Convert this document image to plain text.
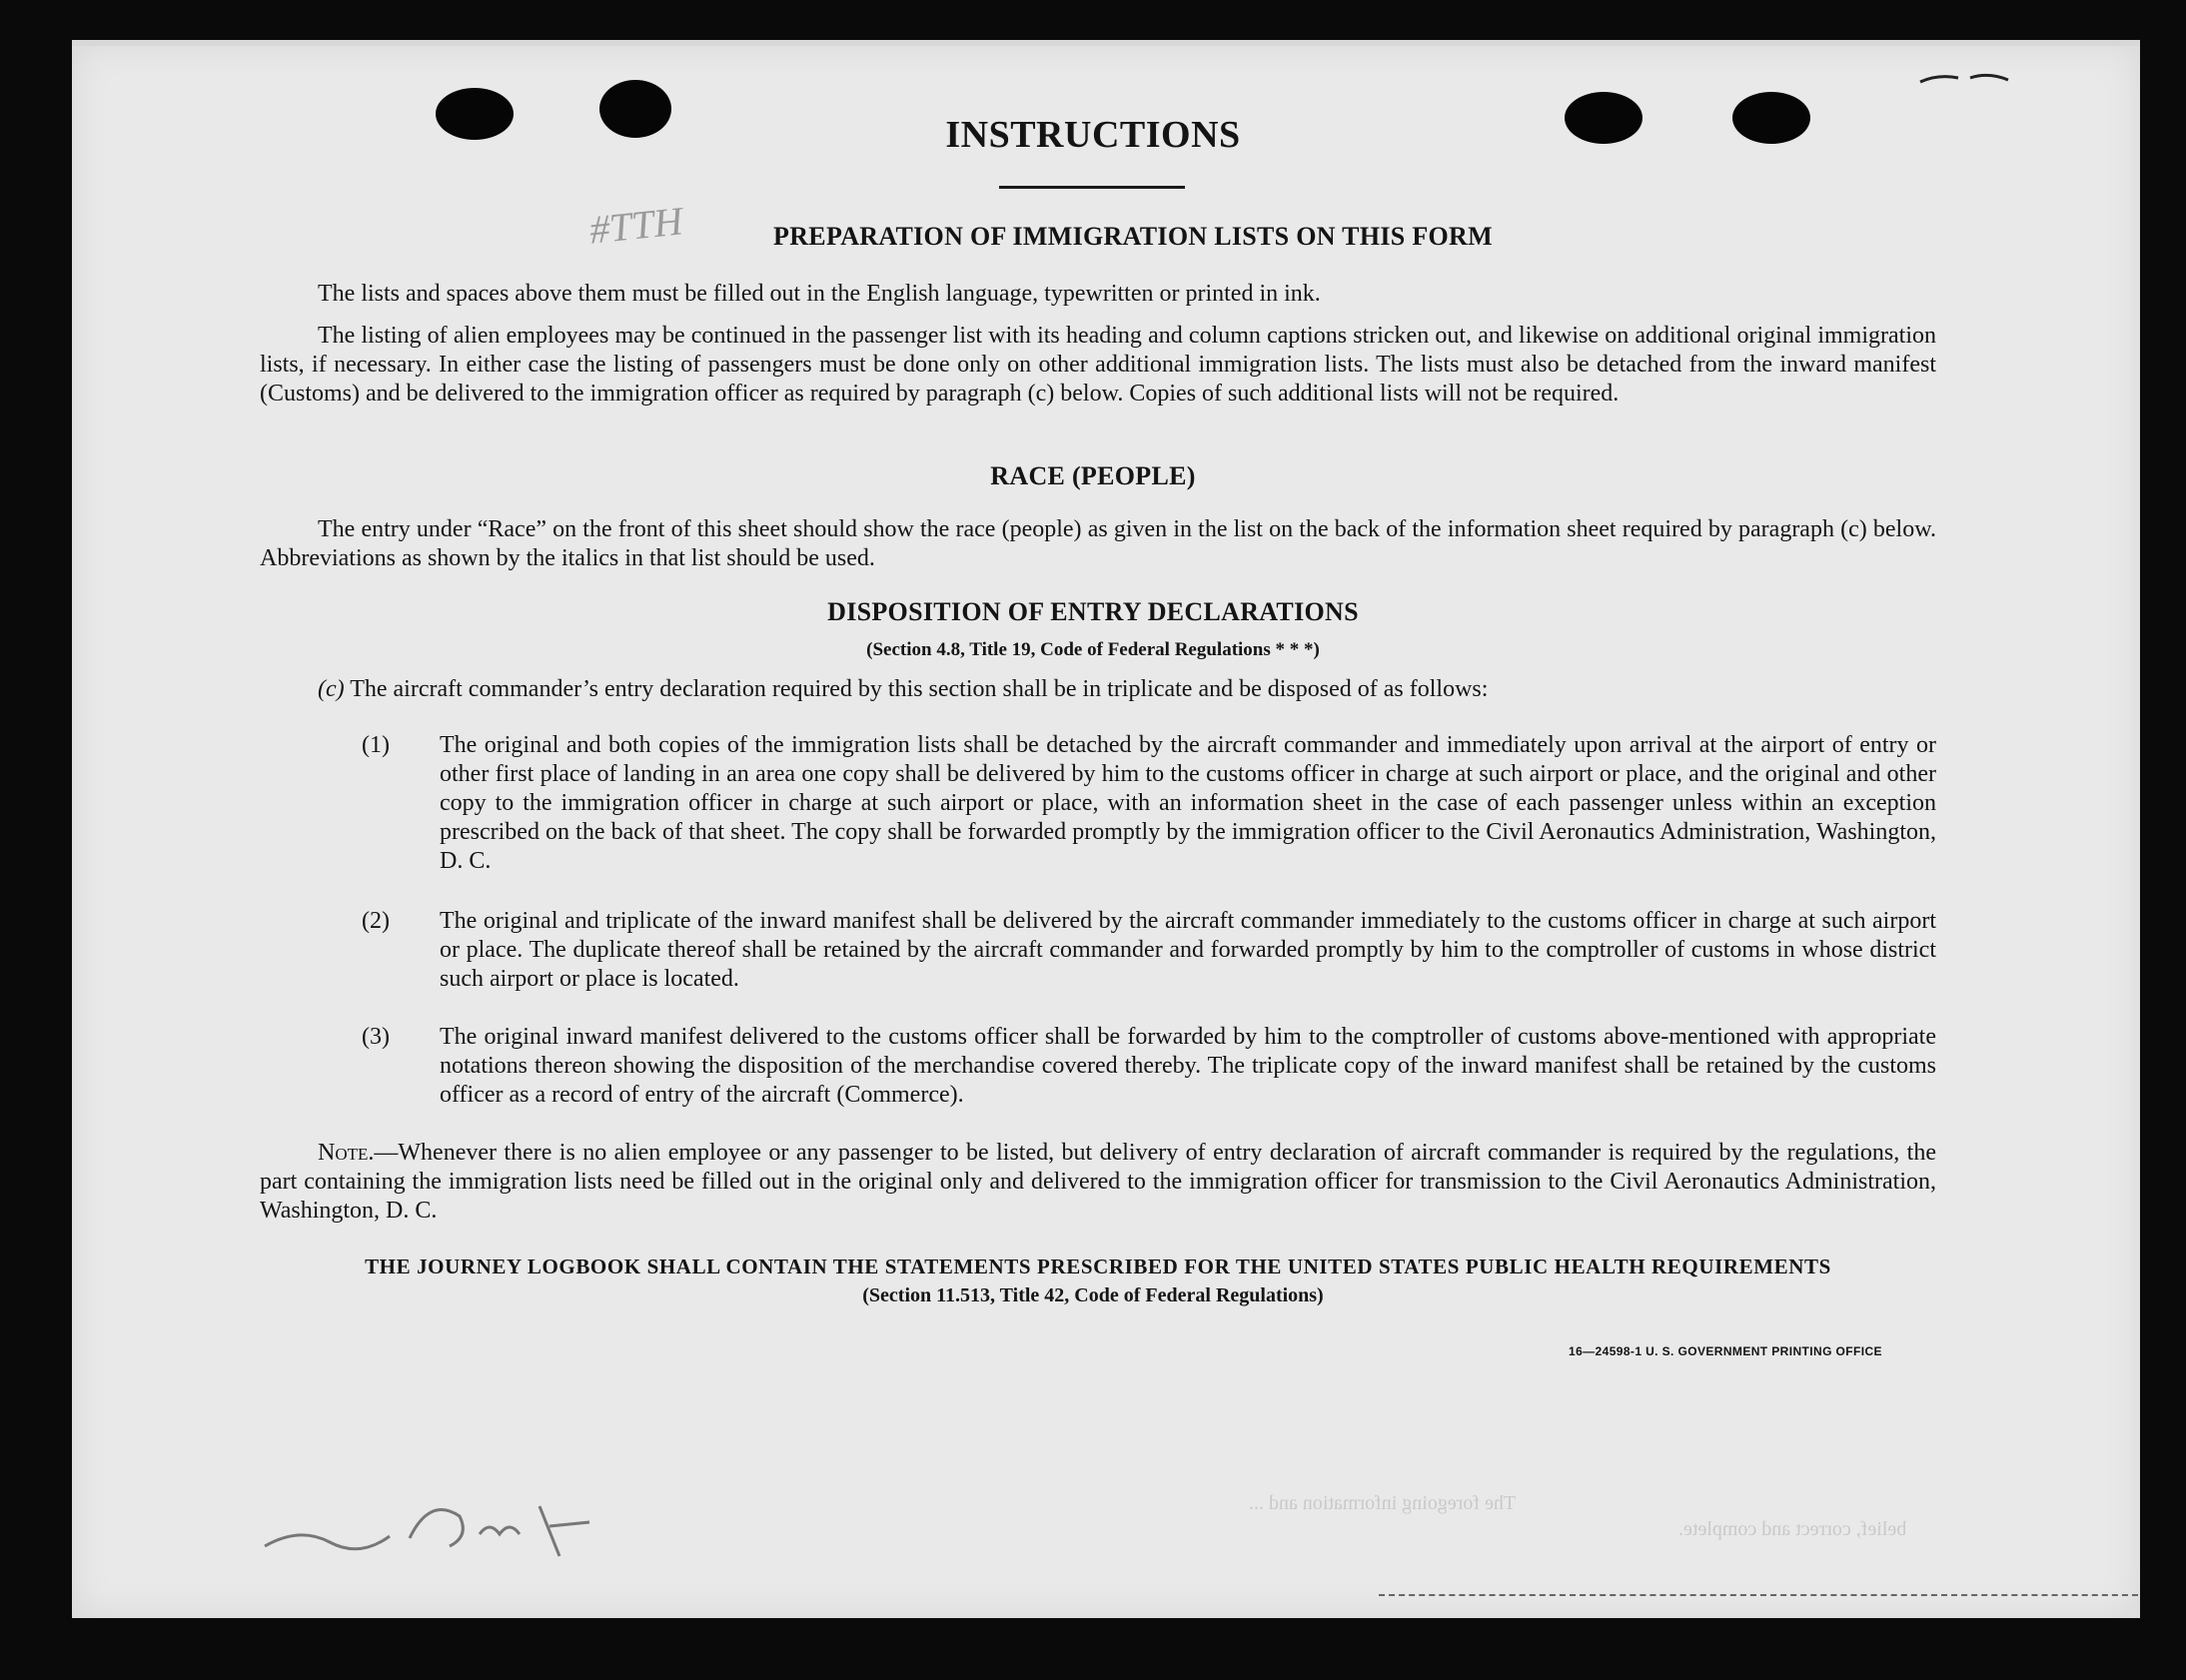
INSTRUCTIONS
#TTH	PREPARATION OF IMMIGRATION LISTS ON THIS FORM
The lists and spaces above them must be filled out in the English language, typewritten or printed in ink.
The listing of alien employees may be continued in the passenger list with its heading and column captions stricken out, and likewise on additional original immigration lists, if necessary. In either case the listing of passengers must be done only on other additional immigration lists. The lists must also be detached from the inward manifest (Customs) and be delivered to the immigration officer as required by paragraph (c) below. Copies of such additional lists will not be required.
RACE (PEOPLE)
The entry under “Race” on the front of this sheet should show the race (people) as given in the list on the back of the information sheet required by paragraph (c) below. Abbreviations as shown by the italics in that list should be used.
DISPOSITION OF ENTRY DECLARATIONS
(Section 4.8, Title 19, Code of Federal Regulations * * *)
(c) The aircraft commander’s entry declaration required by this section shall be in triplicate and be disposed of as follows:
(1) The original and both copies of the immigration lists shall be detached by the aircraft commander and immediately upon arrival at the airport of entry or other first place of landing in an area one copy shall be delivered by him to the customs officer in charge at such airport or place, and the original and other copy to the immigration officer in charge at such airport or place, with an information sheet in the case of each passenger unless within an exception prescribed on the back of that sheet. The copy shall be forwarded promptly by the immigration officer to the Civil Aeronautics Administration, Washington, D. C.
(2) The original and triplicate of the inward manifest shall be delivered by the aircraft commander immediately to the customs officer in charge at such airport or place. The duplicate thereof shall be retained by the aircraft commander and forwarded promptly by him to the comptroller of customs in whose district such airport or place is located.
(3) The original inward manifest delivered to the customs officer shall be forwarded by him to the comptroller of customs above-mentioned with appropriate notations thereon showing the disposition of the merchandise covered thereby. The triplicate copy of the inward manifest shall be retained by the customs officer as a record of entry of the aircraft (Commerce).
Note.—Whenever there is no alien employee or any passenger to be listed, but delivery of entry declaration of aircraft commander is required by the regulations, the part containing the immigration lists need be filled out in the original only and delivered to the immigration officer for transmission to the Civil Aeronautics Administration, Washington, D. C.
THE JOURNEY LOGBOOK SHALL CONTAIN THE STATEMENTS PRESCRIBED FOR THE UNITED STATES PUBLIC HEALTH REQUIREMENTS
(Section 11.513, Title 42, Code of Federal Regulations)
16—24598-1 U. S. GOVERNMENT PRINTING OFFICE
The foregoing information and ...
belief, correct and complete.
